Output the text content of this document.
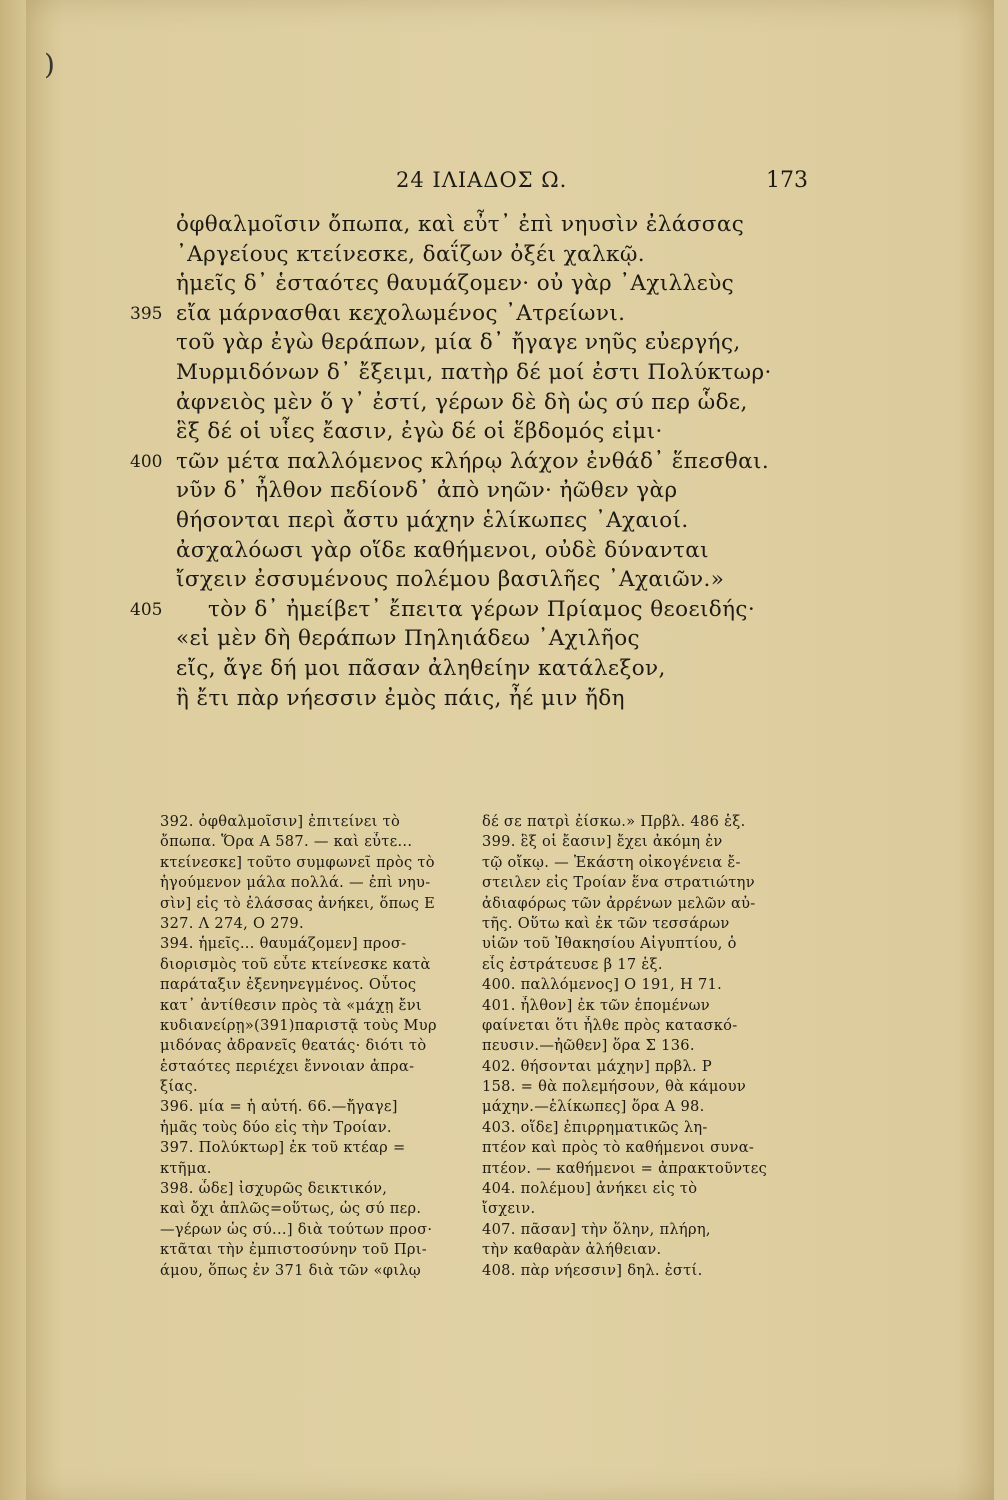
)
24 ΙΛΙΑΔΟΣ Ω.	173
ὀφθαλμοῖσιν ὄπωπα, καὶ εὖτ᾽ ἐπὶ νηυσὶν ἐλάσσας
᾽Αργείους κτείνεσκε, δαΐζων ὀξέι χαλκῷ.
ἡμεῖς δ᾽ ἑσταότες θαυμάζομεν· οὐ γὰρ ᾽Αχιλλεὺς
εἴα μάρνασθαι κεχολωμένος ᾽Ατρείωνι.
395
τοῦ γὰρ ἐγὼ θεράπων, μία δ᾽ ἤγαγε νηῦς εὐεργής,
Μυρμιδόνων δ᾽ ἔξειμι, πατὴρ δέ μοί ἐστι Πολύκτωρ·
ἀφνειὸς μὲν ὅ γ᾽ ἐστί, γέρων δὲ δὴ ὡς σύ περ ὧδε,
ἓξ δέ οἱ υἷες ἔασιν, ἐγὼ δέ οἱ ἕβδομός εἰμι·
τῶν μέτα παλλόμενος κλήρῳ λάχον ἐνθάδ᾽ ἕπεσθαι.
400
νῦν δ᾽ ἦλθον πεδίονδ᾽ ἀπὸ νηῶν· ἠῶθεν γὰρ
θήσονται περὶ ἄστυ μάχην ἑλίκωπες ᾽Αχαιοί.
ἀσχαλόωσι γὰρ οἵδε καθήμενοι, οὐδὲ δύνανται
ἴσχειν ἐσσυμένους πολέμου βασιλῆες ᾽Αχαιῶν.»
τὸν δ᾽ ἠμείβετ᾽ ἔπειτα γέρων Πρίαμος θεοειδής·
405
«εἰ μὲν δὴ θεράπων Πηληιάδεω ᾽Αχιλῆος
εἴς, ἄγε δή μοι πᾶσαν ἀληθείην κατάλεξον,
ἢ ἔτι πὰρ νήεσσιν ἐμὸς πάις, ἦέ μιν ἤδη
392. ὀφθαλμοῖσιν] ἐπιτείνει τὸ
ὄπωπα. Ὅρα Α 587. — καὶ εὖτε...
κτείνεσκε] τοῦτο συμφωνεῖ πρὸς τὸ
ἡγούμενον μάλα πολλά. — ἐπὶ νηυ-
σὶν] εἰς τὸ ἐλάσσας ἀνήκει, ὅπως Ε
327. Λ 274, Ο 279.
394. ἡμεῖς... θαυμάζομεν] προσ-
διορισμὸς τοῦ εὖτε κτείνεσκε κατὰ
παράταξιν ἐξενηνεγμένος. Οὗτος
κατ᾽ ἀντίθεσιν πρὸς τὰ «μάχῃ ἔνι
κυδιανείρῃ»(391)παριστᾷ τοὺς Μυρ
μιδόνας ἀδρανεῖς θεατάς· διότι τὸ
ἑσταότες περιέχει ἔννοιαν ἀπρα-
ξίας.
396. μία = ἡ αὐτή. 66.—ἤγαγε]
ἡμᾶς τοὺς δύο εἰς τὴν Τροίαν.
397. Πολύκτωρ] ἐκ τοῦ κτέαρ =
κτῆμα.
398. ὧδε] ἰσχυρῶς δεικτικόν,
καὶ ὄχι ἁπλῶς=οὕτως, ὡς σύ περ.
—γέρων ὡς σύ...] διὰ τούτων προσ·
κτᾶται τὴν ἐμπιστοσύνην τοῦ Πρι-
άμου, ὅπως ἐν 371 διὰ τῶν «φιλῳ
δέ σε πατρὶ ἐίσκω.» Πρβλ. 486 ἑξ.
399. ἓξ οἱ ἔασιν] ἔχει ἀκόμη ἐν
τῷ οἴκῳ. — Ἑκάστη οἰκογένεια ἔ-
στειλεν εἰς Τροίαν ἕνα στρατιώτην
ἀδιαφόρως τῶν ἀρρένων μελῶν αὐ-
τῆς. Οὕτω καὶ ἐκ τῶν τεσσάρων
υἱῶν τοῦ Ἰθακησίου Αἰγυπτίου, ὁ
εἷς ἐστράτευσε β 17 ἑξ.
400. παλλόμενος] Ο 191, Η 71.
401. ἦλθον] ἐκ τῶν ἑπομένων
φαίνεται ὅτι ἦλθε πρὸς κατασκό-
πευσιν.—ἠῶθεν] ὅρα Σ 136.
402. θήσονται μάχην] πρβλ. Ρ
158. = θὰ πολεμήσουν, θὰ κάμουν
μάχην.—ἑλίκωπες] ὅρα Α 98.
403. οἵδε] ἐπιρρηματικῶς λη-
πτέον καὶ πρὸς τὸ καθήμενοι συνα-
πτέον. — καθήμενοι = ἀπρακτοῦντες
404. πολέμου] ἀνήκει εἰς τὸ
ἴσχειν.
407. πᾶσαν] τὴν ὅλην, πλήρη,
τὴν καθαρὰν ἀλήθειαν.
408. πὰρ νήεσσιν] δηλ. ἐστί.
